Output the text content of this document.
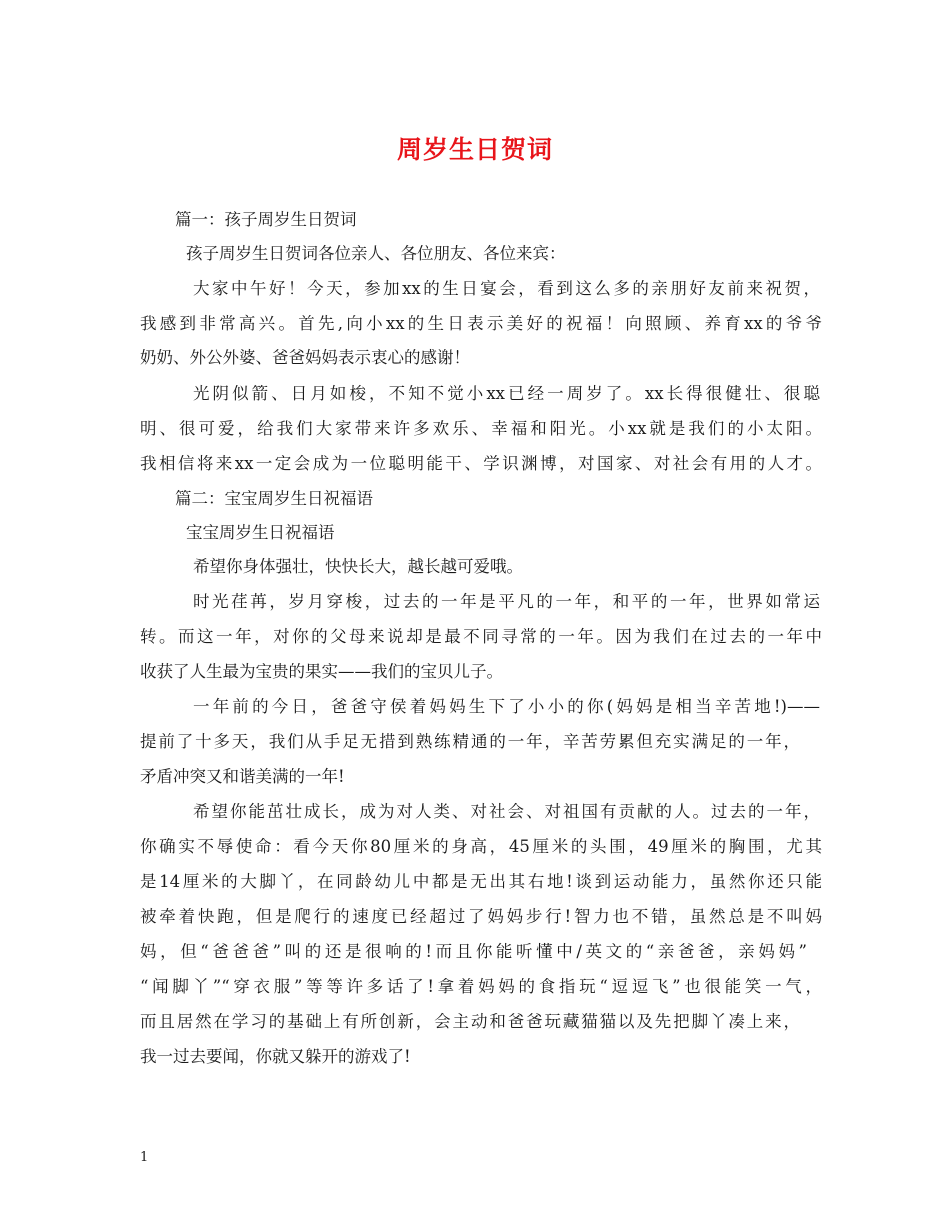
周岁生日贺词
篇一：孩子周岁生日贺词
孩子周岁生日贺词各位亲人、各位朋友、各位来宾：
大家中午好！今天，参加xx的生日宴会，看到这么多的亲朋好友前来祝贺，
我感到非常高兴。首先,向小xx的生日表示美好的祝福！向照顾、养育xx的爷爷
奶奶、外公外婆、爸爸妈妈表示衷心的感谢！
光阴似箭、日月如梭，不知不觉小xx已经一周岁了。xx长得很健壮、很聪
明、很可爱，给我们大家带来许多欢乐、幸福和阳光。小xx就是我们的小太阳。
我相信将来xx一定会成为一位聪明能干、学识渊博，对国家、对社会有用的人才。
篇二：宝宝周岁生日祝福语
宝宝周岁生日祝福语
希望你身体强壮，快快长大，越长越可爱哦。
时光荏苒，岁月穿梭，过去的一年是平凡的一年，和平的一年，世界如常运
转。而这一年，对你的父母来说却是最不同寻常的一年。因为我们在过去的一年中
收获了人生最为宝贵的果实——我们的宝贝儿子。
一年前的今日，爸爸守侯着妈妈生下了小小的你(妈妈是相当辛苦地!)——
提前了十多天，我们从手足无措到熟练精通的一年，辛苦劳累但充实满足的一年，
矛盾冲突又和谐美满的一年!
希望你能茁壮成长，成为对人类、对社会、对祖国有贡献的人。过去的一年，
你确实不辱使命：看今天你80厘米的身高，45厘米的头围，49厘米的胸围，尤其
是14厘米的大脚丫，在同龄幼儿中都是无出其右地!谈到运动能力，虽然你还只能
被牵着快跑，但是爬行的速度已经超过了妈妈步行!智力也不错，虽然总是不叫妈
妈，但“爸爸爸”叫的还是很响的!而且你能听懂中/英文的“亲爸爸，亲妈妈”
“闻脚丫”“穿衣服”等等许多话了!拿着妈妈的食指玩“逗逗飞”也很能笑一气，
而且居然在学习的基础上有所创新，会主动和爸爸玩藏猫猫以及先把脚丫凑上来，
我一过去要闻，你就又躲开的游戏了!
1
